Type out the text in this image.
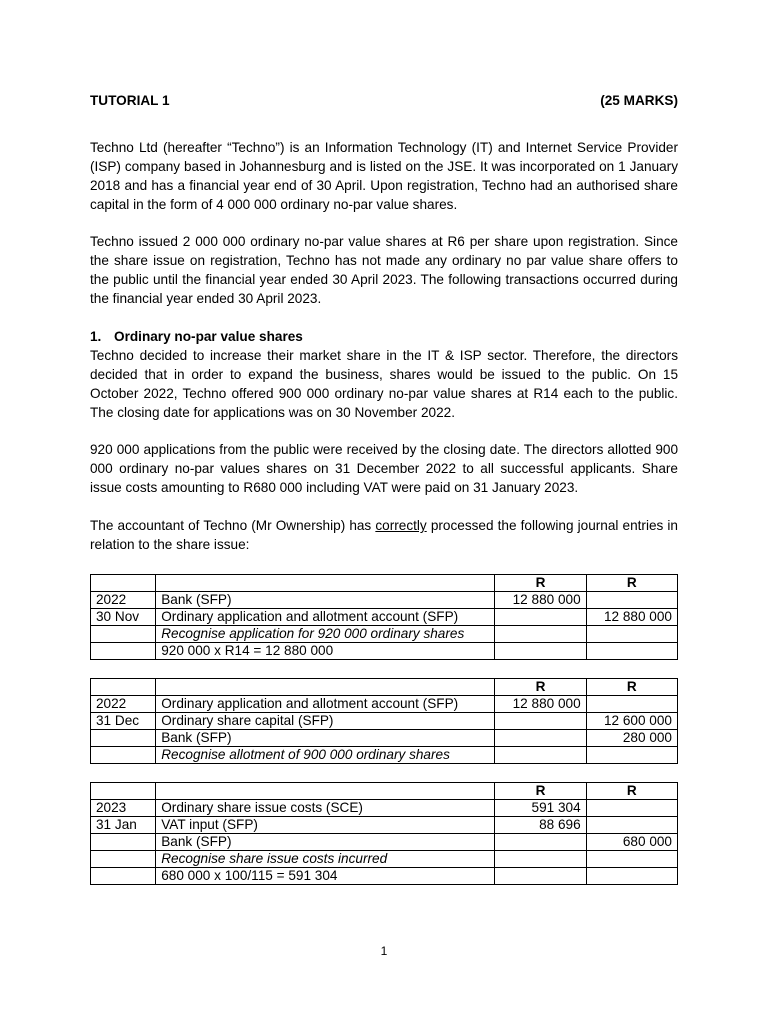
TUTORIAL 1	(25 MARKS)

Techno Ltd (hereafter “Techno”) is an Information Technology (IT) and Internet Service Provider (ISP) company based in Johannesburg and is listed on the JSE. It was incorporated on 1 January 2018 and has a financial year end of 30 April. Upon registration, Techno had an authorised share capital in the form of 4 000 000 ordinary no-par value shares.

Techno issued 2 000 000 ordinary no-par value shares at R6 per share upon registration. Since the share issue on registration, Techno has not made any ordinary no par value share offers to the public until the financial year ended 30 April 2023. The following transactions occurred during the financial year ended 30 April 2023.

1. Ordinary no-par value shares

Techno decided to increase their market share in the IT & ISP sector. Therefore, the directors decided that in order to expand the business, shares would be issued to the public. On 15 October 2022, Techno offered 900 000 ordinary no-par value shares at R14 each to the public. The closing date for applications was on 30 November 2022.

920 000 applications from the public were received by the closing date. The directors allotted 900 000 ordinary no-par values shares on 31 December 2022 to all successful applicants. Share issue costs amounting to R680 000 including VAT were paid on 31 January 2023.

The accountant of Techno (Mr Ownership) has correctly processed the following journal entries in relation to the share issue:

		R	R
2022	Bank (SFP)	12 880 000	
30 Nov	Ordinary application and allotment account (SFP)		12 880 000
	Recognise application for 920 000 ordinary shares		
	920 000 x R14 = 12 880 000		
		R	R
2022	Ordinary application and allotment account (SFP)	12 880 000	
31 Dec	Ordinary share capital (SFP)		12 600 000
	Bank (SFP)		280 000
	Recognise allotment of 900 000 ordinary shares		
		R	R
2023	Ordinary share issue costs (SCE)	591 304	
31 Jan	VAT input (SFP)	88 696	
	Bank (SFP)		680 000
	Recognise share issue costs incurred		
	680 000 x 100/115 = 591 304		
1
